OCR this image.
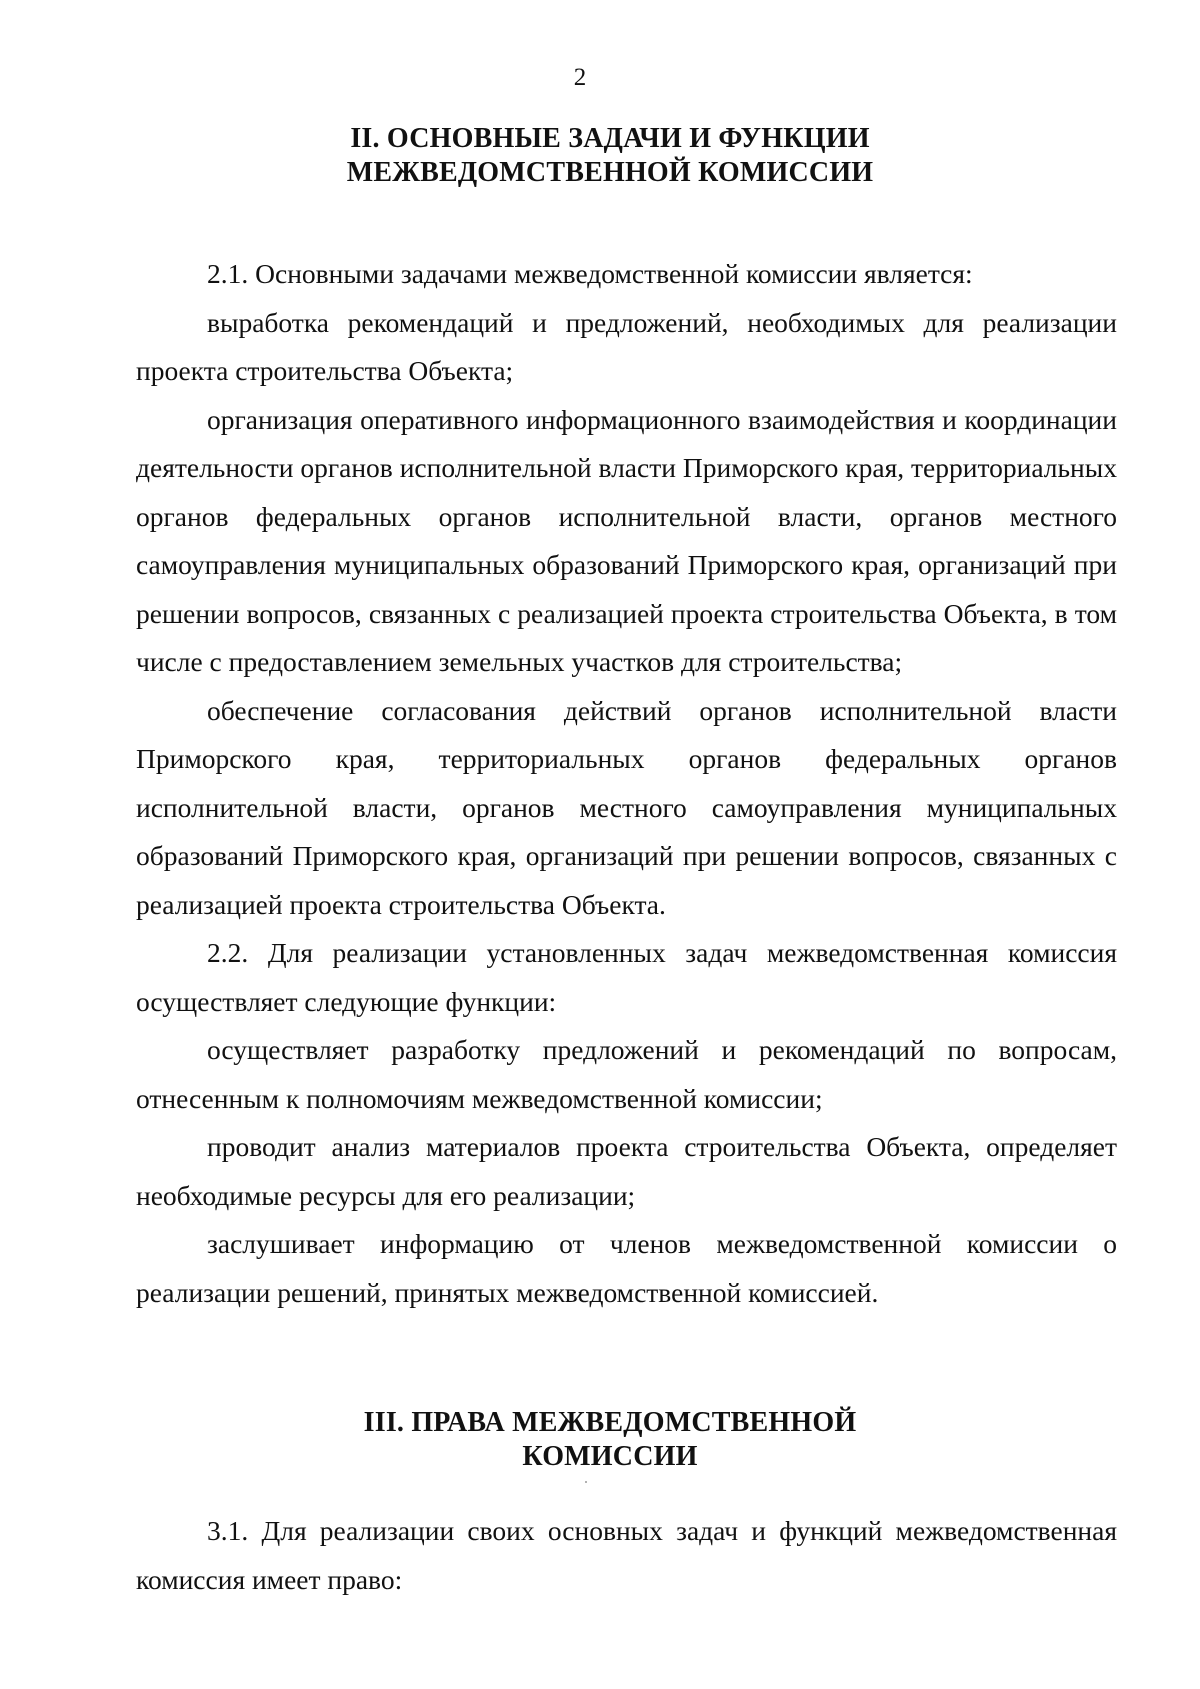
2
II. ОСНОВНЫЕ ЗАДАЧИ И ФУНКЦИИ
МЕЖВЕДОМСТВЕННОЙ КОМИССИИ

2.1. Основными задачами межведомственной комиссии является:

выработка рекомендаций и предложений, необходимых для реализации проекта строительства Объекта;

организация оперативного информационного взаимодействия и координации деятельности органов исполнительной власти Приморского края, территориальных органов федеральных органов исполнительной власти, органов местного самоуправления муниципальных образований Приморского края, организаций при решении вопросов, связанных с реализацией проекта строительства Объекта, в том числе с предоставлением земельных участков для строительства;

обеспечение согласования действий органов исполнительной власти Приморского края, территориальных органов федеральных органов исполнительной власти, органов местного самоуправления муниципальных образований Приморского края, организаций при решении вопросов, связанных с реализацией проекта строительства Объекта.

2.2. Для реализации установленных задач межведомственная комиссия осуществляет следующие функции:

осуществляет разработку предложений и рекомендаций по вопросам, отнесенным к полномочиям межведомственной комиссии;

проводит анализ материалов проекта строительства Объекта, определяет необходимые ресурсы для его реализации;

заслушивает информацию от членов межведомственной комиссии о реализации решений, принятых межведомственной комиссией.

III. ПРАВА МЕЖВЕДОМСТВЕННОЙ
КОМИССИИ

3.1. Для реализации своих основных задач и функций межведомственная комиссия имеет право:
